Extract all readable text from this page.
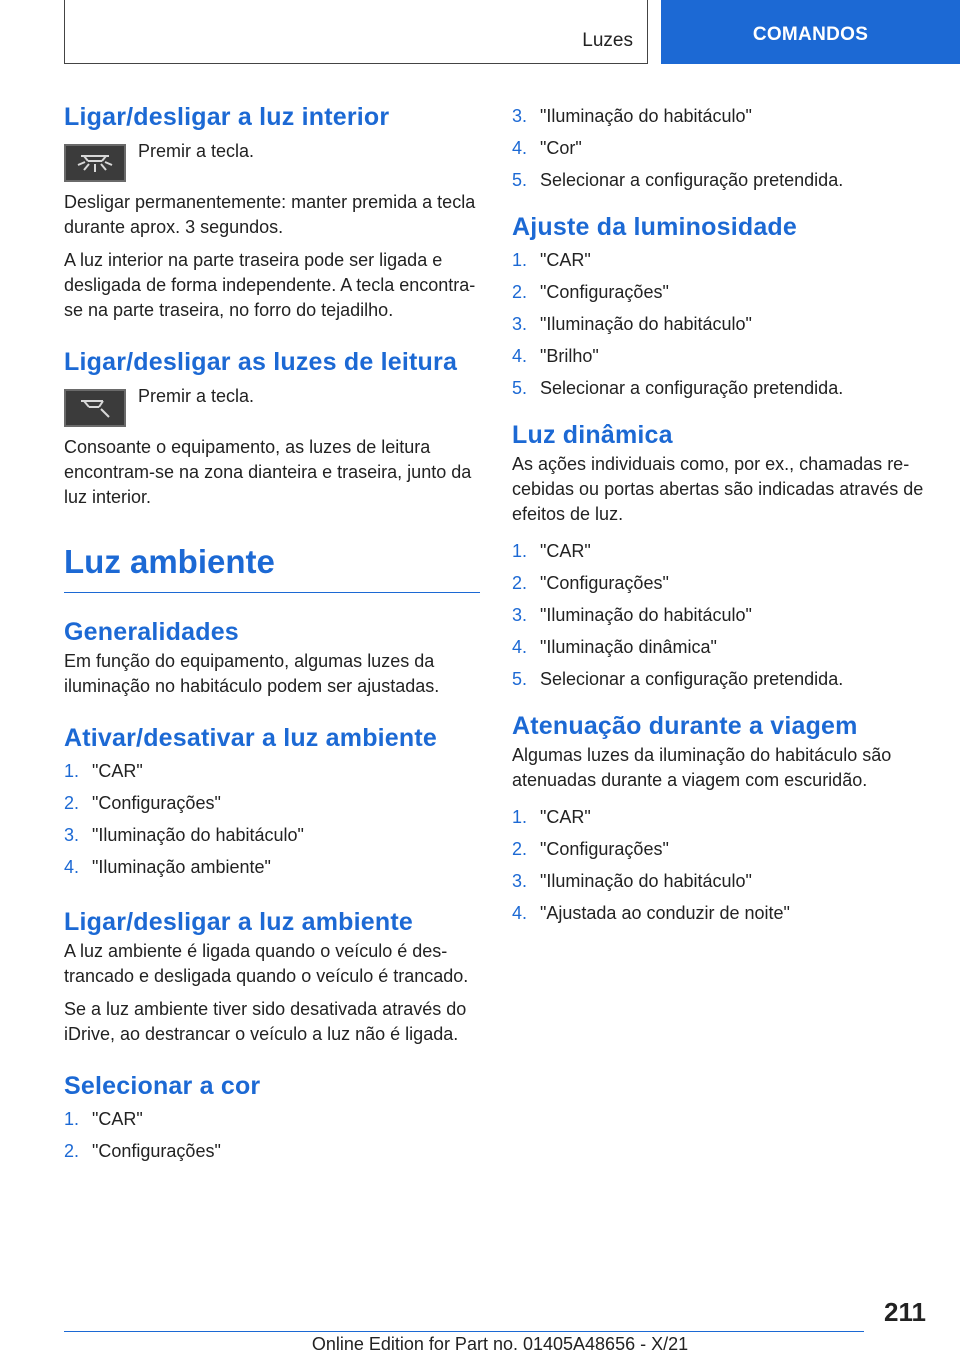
Luzes	COMANDOS
Ligar/desligar a luz interior

Premir a tecla.

Desligar permanentemente: manter premida a tecla durante aprox. 3 segundos.

A luz interior na parte traseira pode ser ligada e desligada de forma independente. A tecla encontra-se na parte traseira, no forro do tejadilho.

Ligar/desligar as luzes de leitura

Premir a tecla.

Consoante o equipamento, as luzes de leitura encontram-se na zona dianteira e traseira, junto da luz interior.

Luz ambiente
Generalidades

Em função do equipamento, algumas luzes da iluminação no habitáculo podem ser ajustadas.

Ativar/desativar a luz ambiente
1. "CAR"
2. "Configurações"
3. "Iluminação do habitáculo"
4. "Iluminação ambiente"
Ligar/desligar a luz ambiente

A luz ambiente é ligada quando o veículo é destrancado e desligada quando o veículo é trancado.

Se a luz ambiente tiver sido desativada através do iDrive, ao destrancar o veículo a luz não é ligada.

Selecionar a cor
1. "CAR"
2. "Configurações"
3. "Iluminação do habitáculo"
4. "Cor"
5. Selecionar a configuração pretendida.
Ajuste da luminosidade
1. "CAR"
2. "Configurações"
3. "Iluminação do habitáculo"
4. "Brilho"
5. Selecionar a configuração pretendida.
Luz dinâmica

As ações individuais como, por ex., chamadas recebidas ou portas abertas são indicadas através de efeitos de luz.

1. "CAR"
2. "Configurações"
3. "Iluminação do habitáculo"
4. "Iluminação dinâmica"
5. Selecionar a configuração pretendida.
Atenuação durante a viagem

Algumas luzes da iluminação do habitáculo são atenuadas durante a viagem com escuridão.

1. "CAR"
2. "Configurações"
3. "Iluminação do habitáculo"
4. "Ajustada ao conduzir de noite"
211
Online Edition for Part no. 01405A48656 - X/21
